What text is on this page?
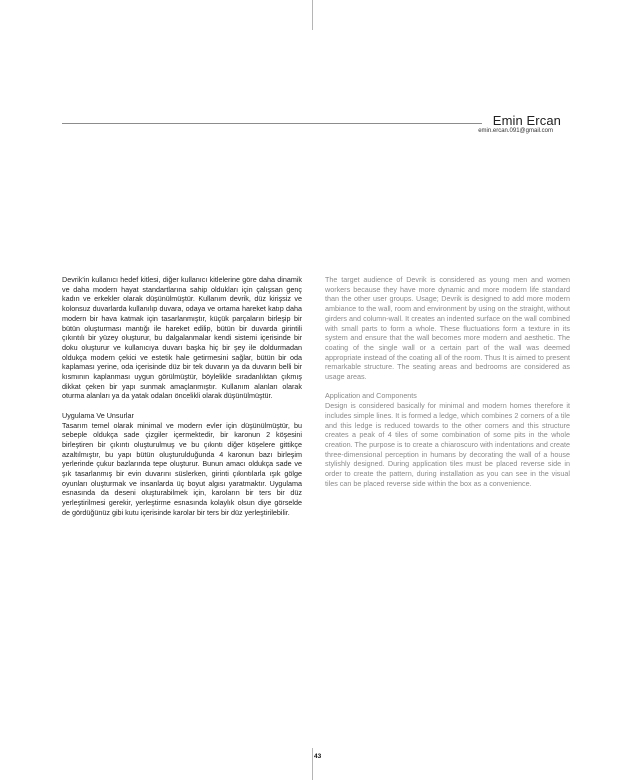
Emin Ercan
emin.ercan.091@gmail.com

Devrik'in kullanıcı hedef kitlesi, diğer kullanıcı kitlelerine göre daha dinamik ve daha modern hayat standartlarına sahip oldukları için çalışsan genç kadın ve erkekler olarak düşünülmüştür. Kullanım devrik, düz kirişsiz ve kolonsuz duvarlarda kullanılıp duvara, odaya ve ortama hareket katıp daha modern bir hava katmak için tasarlanmıştır, küçük parçaların birleşip bir bütün oluşturması mantığı ile hareket edilip, bütün bir duvarda girintili çıkıntılı bir yüzey oluşturur, bu dalgalanmalar kendi sistemi içerisinde bir doku oluşturur ve kullanıcıya duvarı başka hiç bir şey ile doldurmadan oldukça modern çekici ve estetik hale getirmesini sağlar, bütün bir oda kaplaması yerine, oda içerisinde düz bir tek duvarın ya da duvarın belli bir kısmının kaplanması uygun görülmüştür, böylelikle sıradanlıktan çıkmış dikkat çeken bir yapı sunmak amaçlanmıştır. Kullanım alanları olarak oturma alanları ya da yatak odaları öncelikli olarak düşünülmüştür.

Uygulama Ve Unsurlar

Tasarım temel olarak minimal ve modern evler için düşünülmüştür, bu sebeple oldukça sade çizgiler içermektedir, bir karonun 2 köşesini birleştiren bir çıkıntı oluşturulmuş ve bu çıkıntı diğer köşelere gittikçe azaltılmıştır, bu yapı bütün oluşturulduğunda 4 karonun bazı birleşim yerlerinde çukur bazlarında tepe oluşturur. Bunun amacı oldukça sade ve şık tasarlanmış bir evin duvarını süslerken, girinti çıkıntılarla ışık gölge oyunları oluşturmak ve insanlarda üç boyut algısı yaratmaktır. Uygulama esnasında da deseni oluşturabilmek için, karoların bir ters bir düz yerleştirilmesi gerekir, yerleştirme esnasında kolaylık olsun diye görselde de gördüğünüz gibi kutu içerisinde karolar bir ters bir düz yerleştirilebilir.

The target audience of Devrik is considered as young men and women workers because they have more dynamic and more modern life standard than the other user groups. Usage; Devrik is designed to add more modern ambiance to the wall, room and environment by using on the straight, without girders and column-wall. It creates an indented surface on the wall combined with small parts to form a whole. These fluctuations form a texture in its system and ensure that the wall becomes more modern and aesthetic. The coating of the single wall or a certain part of the wall was deemed appropriate instead of the coating all of the room. Thus It is aimed to present remarkable structure. The seating areas and bedrooms are considered as usage areas.

Application and Components

Design is considered basically for minimal and modern homes therefore it includes simple lines. It is formed a ledge, which combines 2 corners of a tile and this ledge is reduced towards to the other corners and this structure creates a peak of 4 tiles of some combination of some pits in the whole creation. The purpose is to create a chiaroscuro with indentations and create three-dimensional perception in humans by decorating the wall of a house stylishly designed. During application tiles must be placed reverse side in order to create the pattern, during installation as you can see in the visual tiles can be placed reverse side within the box as a convenience.

43
